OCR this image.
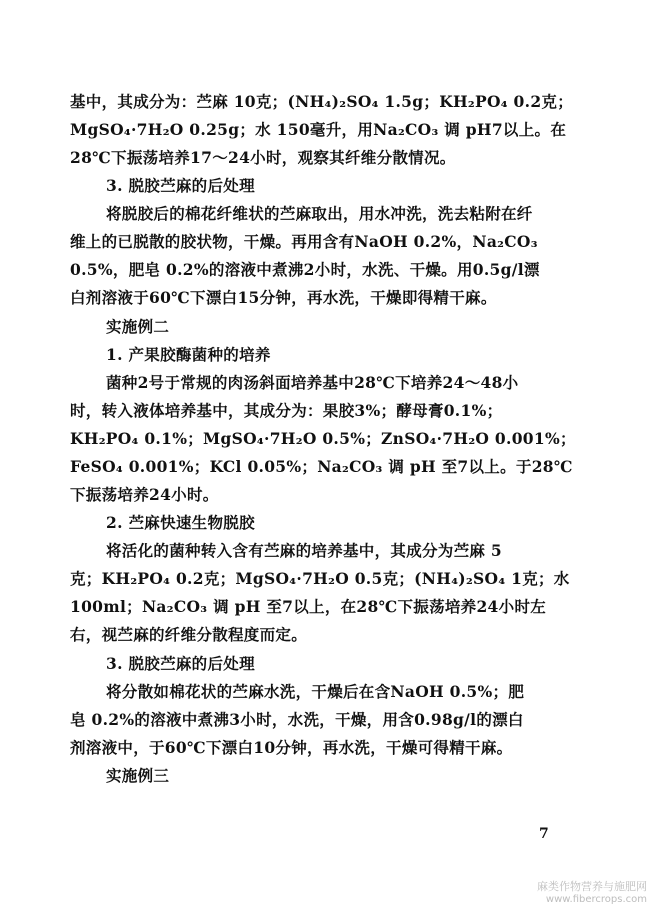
基中，其成分为：苎麻 10克；(NH₄)₂SO₄ 1.5g；KH₂PO₄ 0.2克；
MgSO₄·7H₂O 0.25g；水 150毫升，用Na₂CO₃ 调 pH7以上。在
28℃下振荡培养17～24小时，观察其纤维分散情况。
3. 脱胶苎麻的后处理
将脱胶后的棉花纤维状的苎麻取出，用水冲洗，洗去粘附在纤
维上的已脱散的胶状物，干燥。再用含有NaOH 0.2%，Na₂CO₃
0.5%，肥皂 0.2%的溶液中煮沸2小时，水洗、干燥。用0.5g/l漂
白剂溶液于60℃下漂白15分钟，再水洗，干燥即得精干麻。
实施例二
1. 产果胶酶菌种的培养
菌种2号于常规的肉汤斜面培养基中28℃下培养24～48小
时，转入液体培养基中，其成分为：果胶3%；酵母膏0.1%；
KH₂PO₄ 0.1%；MgSO₄·7H₂O 0.5%；ZnSO₄·7H₂O 0.001%；
FeSO₄ 0.001%；KCl 0.05%；Na₂CO₃ 调 pH 至7以上。于28℃
下振荡培养24小时。
2. 苎麻快速生物脱胶
将活化的菌种转入含有苎麻的培养基中，其成分为苎麻 5
克；KH₂PO₄ 0.2克；MgSO₄·7H₂O 0.5克；(NH₄)₂SO₄ 1克；水
100ml；Na₂CO₃ 调 pH 至7以上，在28℃下振荡培养24小时左
右，视苎麻的纤维分散程度而定。
3. 脱胶苎麻的后处理
将分散如棉花状的苎麻水洗，干燥后在含NaOH 0.5%；肥
皂 0.2%的溶液中煮沸3小时，水洗，干燥，用含0.98g/l的漂白
剂溶液中，于60℃下漂白10分钟，再水洗，干燥可得精干麻。
实施例三
7
麻类作物营养与施肥网
www.fibercrops.com
